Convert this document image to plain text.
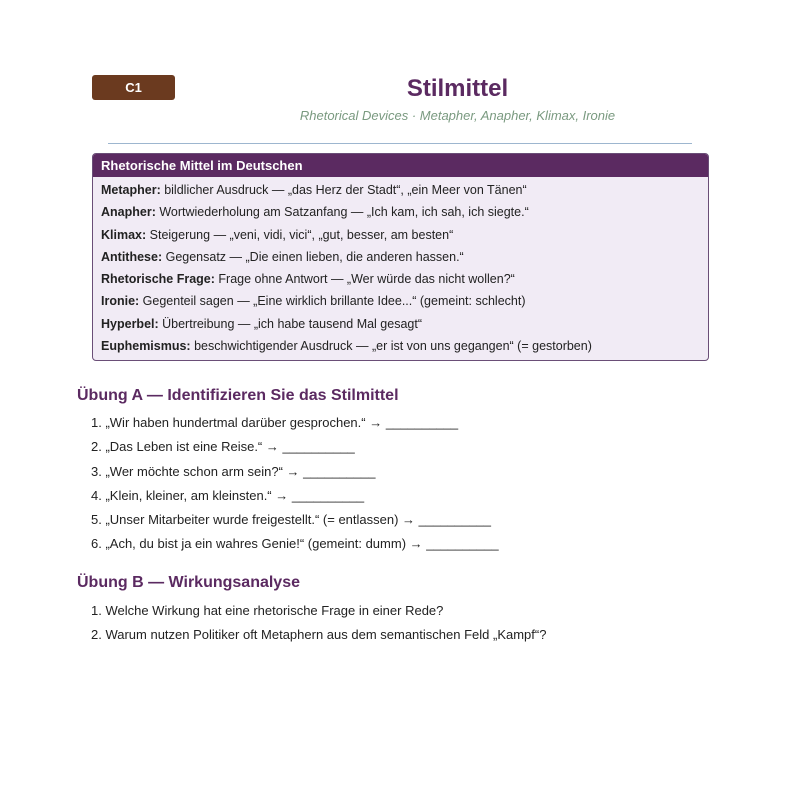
C1	Stilmittel
Rhetorical Devices · Metapher, Anapher, Klimax, Ironie
Rhetorische Mittel im Deutschen
Metapher: bildlicher Ausdruck — „das Herz der Stadt“, „ein Meer von Tänen“
Anapher: Wortwiederholung am Satzanfang — „Ich kam, ich sah, ich siegte.“
Klimax: Steigerung — „veni, vidi, vici“, „gut, besser, am besten“
Antithese: Gegensatz — „Die einen lieben, die anderen hassen.“
Rhetorische Frage: Frage ohne Antwort — „Wer würde das nicht wollen?“
Ironie: Gegenteil sagen — „Eine wirklich brillante Idee...“ (gemeint: schlecht)
Hyperbel: Übertreibung — „ich habe tausend Mal gesagt“
Euphemismus: beschwichtigender Ausdruck — „er ist von uns gegangen“ (= gestorben)
Übung A — Identifizieren Sie das Stilmittel
1. „Wir haben hundertmal darüber gesprochen.“ → __________
2. „Das Leben ist eine Reise.“ → __________
3. „Wer möchte schon arm sein?“ → __________
4. „Klein, kleiner, am kleinsten.“ → __________
5. „Unser Mitarbeiter wurde freigestellt.“ (= entlassen) → __________
6. „Ach, du bist ja ein wahres Genie!“ (gemeint: dumm) → __________
Übung B — Wirkungsanalyse
1. Welche Wirkung hat eine rhetorische Frage in einer Rede?
2. Warum nutzen Politiker oft Metaphern aus dem semantischen Feld „Kampf“?
